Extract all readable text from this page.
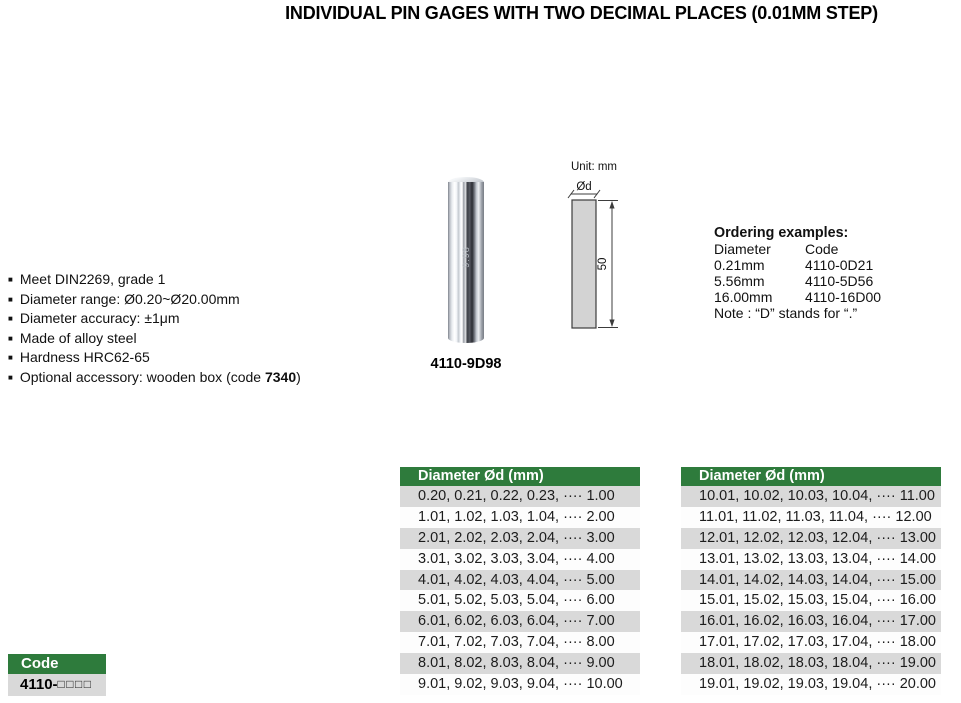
INDIVIDUAL PIN GAGES WITH TWO DECIMAL PLACES (0.01MM STEP)
■ Meet DIN2269, grade 1
■ Diameter range: Ø0.20~Ø20.00mm
■ Diameter accuracy: ±1μm
■ Made of alloy steel
■ Hardness HRC62-65
■ Optional accessory: wooden box (code 7340)
9.98
4110-9D98
Unit: mm
Ød
50
Ordering examples:
Diameter	Code
0.21mm	4110-0D21
5.56mm	4110-5D56
16.00mm	4110-16D00
Note : “D” stands for “.”
Diameter Ød (mm)
0.20, 0.21, 0.22, 0.23, ···· 1.00
1.01, 1.02, 1.03, 1.04, ···· 2.00
2.01, 2.02, 2.03, 2.04, ···· 3.00
3.01, 3.02, 3.03, 3.04, ···· 4.00
4.01, 4.02, 4.03, 4.04, ···· 5.00
5.01, 5.02, 5.03, 5.04, ···· 6.00
6.01, 6.02, 6.03, 6.04, ···· 7.00
7.01, 7.02, 7.03, 7.04, ···· 8.00
8.01, 8.02, 8.03, 8.04, ···· 9.00
9.01, 9.02, 9.03, 9.04, ···· 10.00
Diameter Ød (mm)
10.01, 10.02, 10.03, 10.04, ···· 11.00
11.01, 11.02, 11.03, 11.04, ···· 12.00
12.01, 12.02, 12.03, 12.04, ···· 13.00
13.01, 13.02, 13.03, 13.04, ···· 14.00
14.01, 14.02, 14.03, 14.04, ···· 15.00
15.01, 15.02, 15.03, 15.04, ···· 16.00
16.01, 16.02, 16.03, 16.04, ···· 17.00
17.01, 17.02, 17.03, 17.04, ···· 18.00
18.01, 18.02, 18.03, 18.04, ···· 19.00
19.01, 19.02, 19.03, 19.04, ···· 20.00
Code
4110-□□□□
